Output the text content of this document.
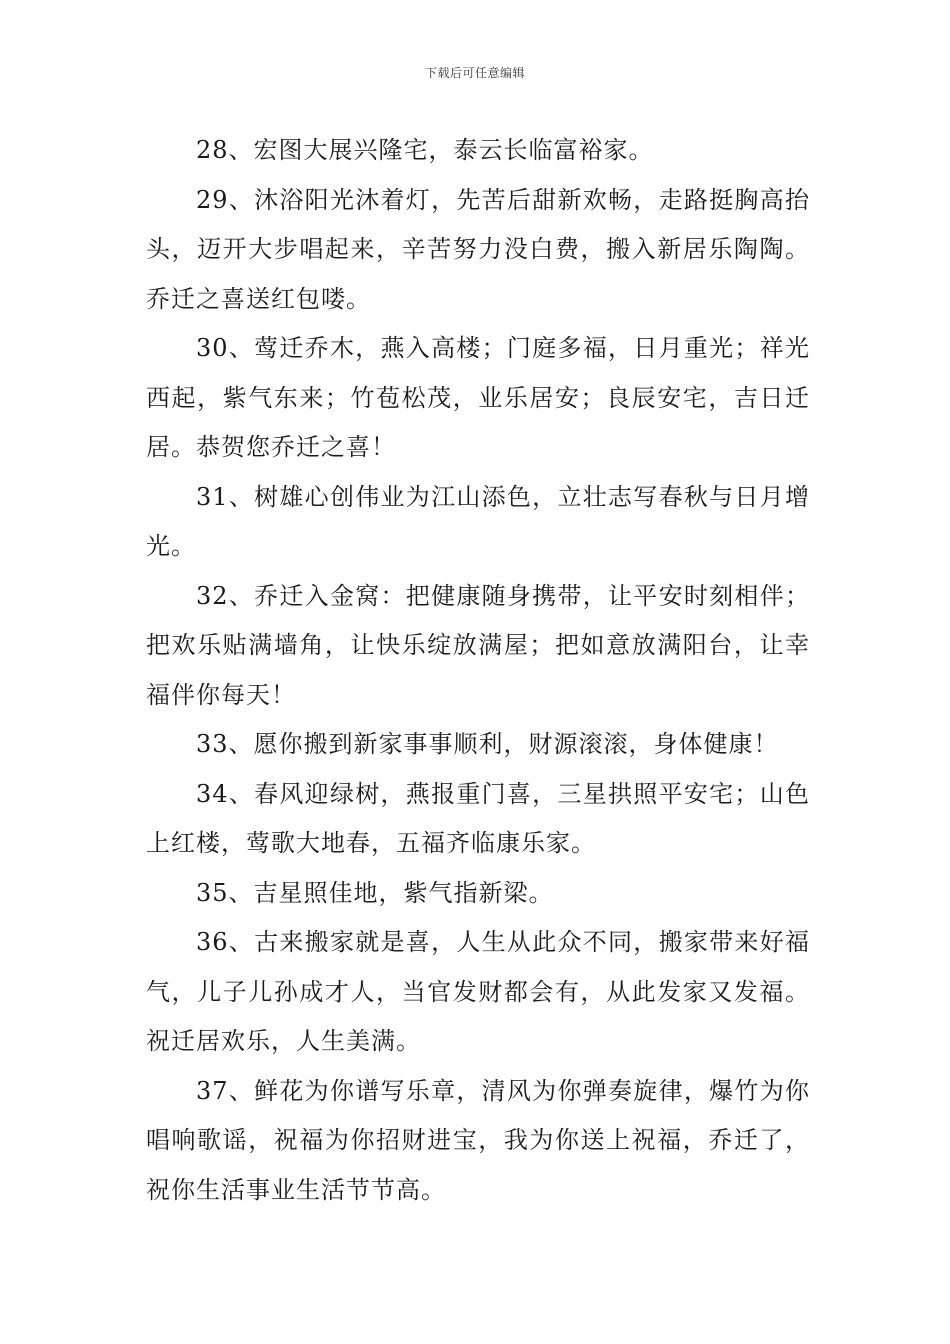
下载后可任意编辑

28、宏图大展兴隆宅，泰云长临富裕家。

29、沐浴阳光沐着灯，先苦后甜新欢畅，走路挺胸高抬头，迈开大步唱起来，辛苦努力没白费，搬入新居乐陶陶。乔迁之喜送红包喽。

30、莺迁乔木，燕入高楼；门庭多福，日月重光；祥光西起，紫气东来；竹苞松茂，业乐居安；良辰安宅，吉日迁居。恭贺您乔迁之喜！

31、树雄心创伟业为江山添色，立壮志写春秋与日月增光。

32、乔迁入金窝：把健康随身携带，让平安时刻相伴；把欢乐贴满墙角，让快乐绽放满屋；把如意放满阳台，让幸福伴你每天！

33、愿你搬到新家事事顺利，财源滚滚，身体健康！

34、春风迎绿树，燕报重门喜，三星拱照平安宅；山色上红楼，莺歌大地春，五福齐临康乐家。

35、吉星照佳地，紫气指新梁。

36、古来搬家就是喜，人生从此众不同，搬家带来好福气，儿子儿孙成才人，当官发财都会有，从此发家又发福。祝迁居欢乐，人生美满。

37、鲜花为你谱写乐章，清风为你弹奏旋律，爆竹为你唱响歌谣，祝福为你招财进宝，我为你送上祝福，乔迁了，祝你生活事业生活节节高。
